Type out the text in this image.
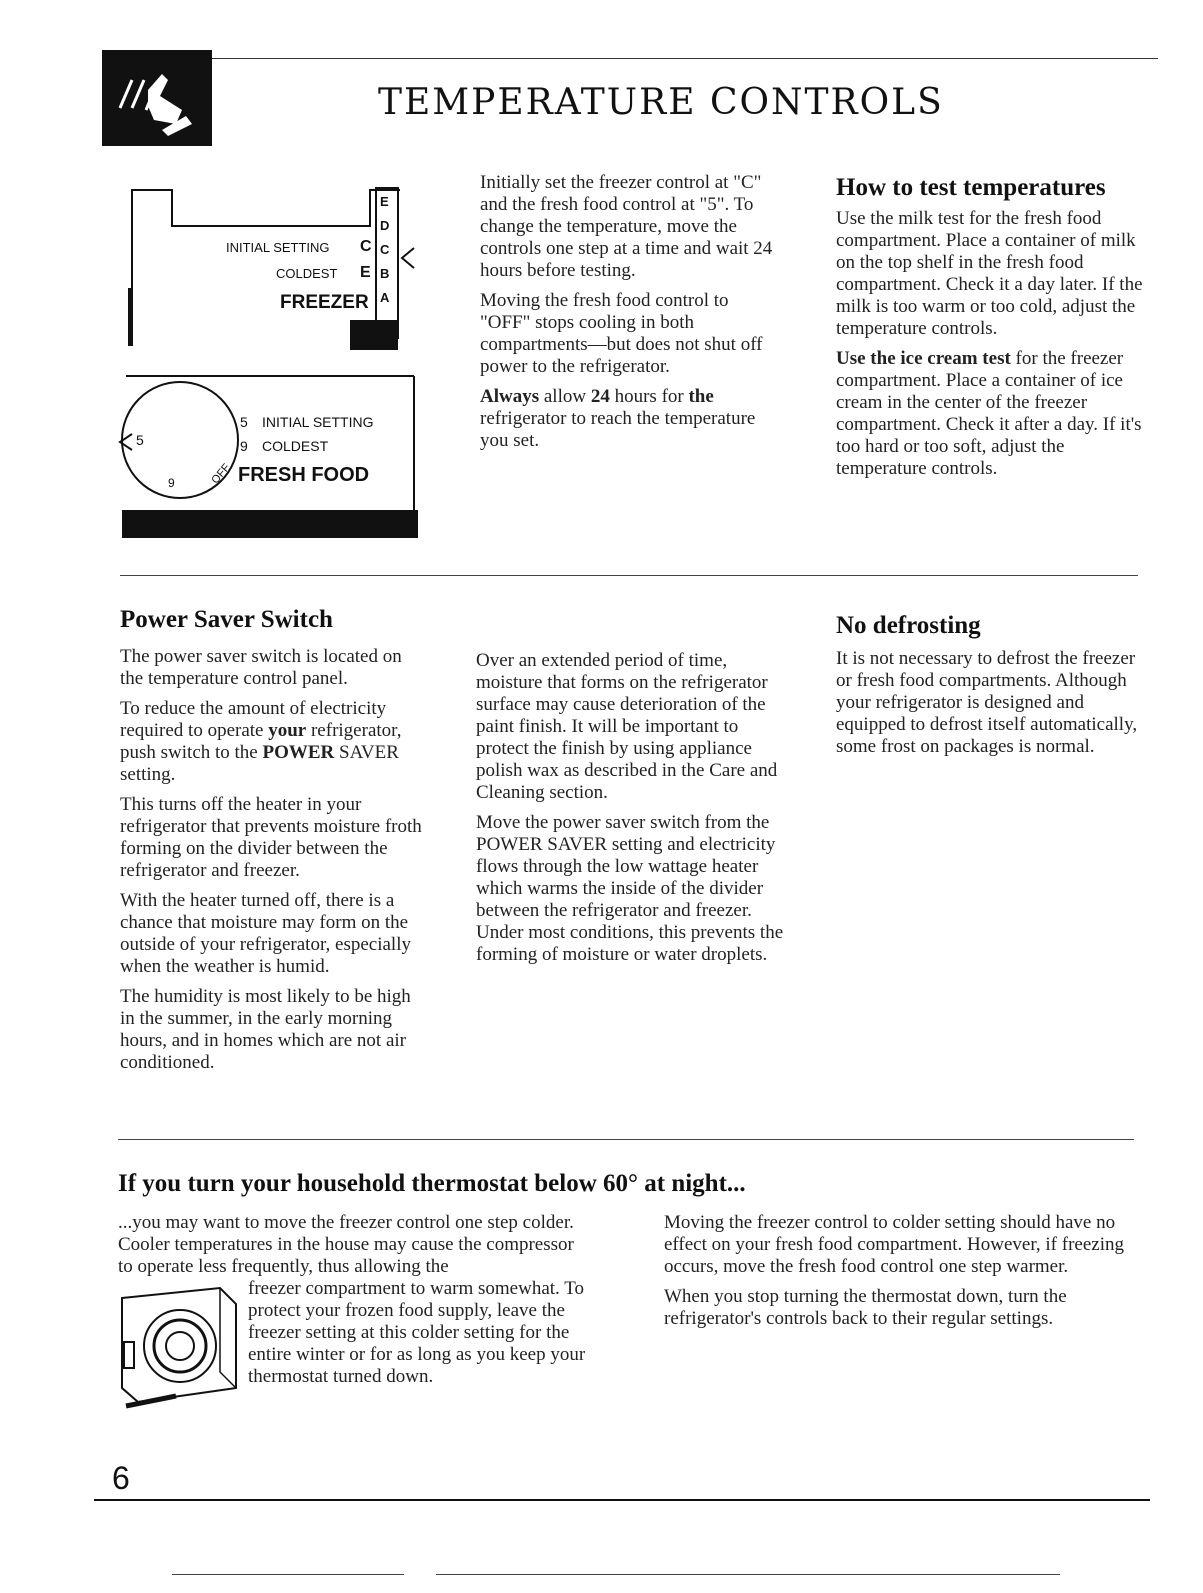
TEMPERATURE CONTROLS
E
D
C
B
A
INITIAL SETTING C
COLDEST E
FREEZER
5
OFF
9
5 INITIAL SETTING
9 COLDEST
FRESH FOOD

Initially set the freezer control at "C" and the fresh food control at "5". To change the temperature, move the controls one step at a time and wait 24 hours before testing.

Moving the fresh food control to "OFF" stops cooling in both compartments—but does not shut off power to the refrigerator.

Always allow 24 hours for the refrigerator to reach the temperature you set.

How to test temperatures

Use the milk test for the fresh food compartment. Place a container of milk on the top shelf in the fresh food compartment. Check it a day later. If the milk is too warm or too cold, adjust the temperature controls.

Use the ice cream test for the freezer compartment. Place a container of ice cream in the center of the freezer compartment. Check it after a day. If it's too hard or too soft, adjust the temperature controls.

Power Saver Switch

The power saver switch is located on the temperature control panel.

To reduce the amount of electricity required to operate your refrigerator, push switch to the POWER SAVER setting.

This turns off the heater in your refrigerator that prevents moisture froth forming on the divider between the refrigerator and freezer.

With the heater turned off, there is a chance that moisture may form on the outside of your refrigerator, especially when the weather is humid.

The humidity is most likely to be high in the summer, in the early morning hours, and in homes which are not air conditioned.

Over an extended period of time, moisture that forms on the refrigerator surface may cause deterioration of the paint finish. It will be important to protect the finish by using appliance polish wax as described in the Care and Cleaning section.

Move the power saver switch from the POWER SAVER setting and electricity flows through the low wattage heater which warms the inside of the divider between the refrigerator and freezer. Under most conditions, this prevents the forming of moisture or water droplets.

No defrosting

It is not necessary to defrost the freezer or fresh food compartments. Although your refrigerator is designed and equipped to defrost itself automatically, some frost on packages is normal.

If you turn your household thermostat below 60° at night...

...you may want to move the freezer control one step colder. Cooler temperatures in the house may cause the compressor to operate less frequently, thus allowing the

freezer compartment to warm somewhat. To protect your frozen food supply, leave the freezer setting at this colder setting for the entire winter or for as long as you keep your thermostat turned down.

Moving the freezer control to colder setting should have no effect on your fresh food compartment. However, if freezing occurs, move the fresh food control one step warmer.

When you stop turning the thermostat down, turn the refrigerator's controls back to their regular settings.

6
